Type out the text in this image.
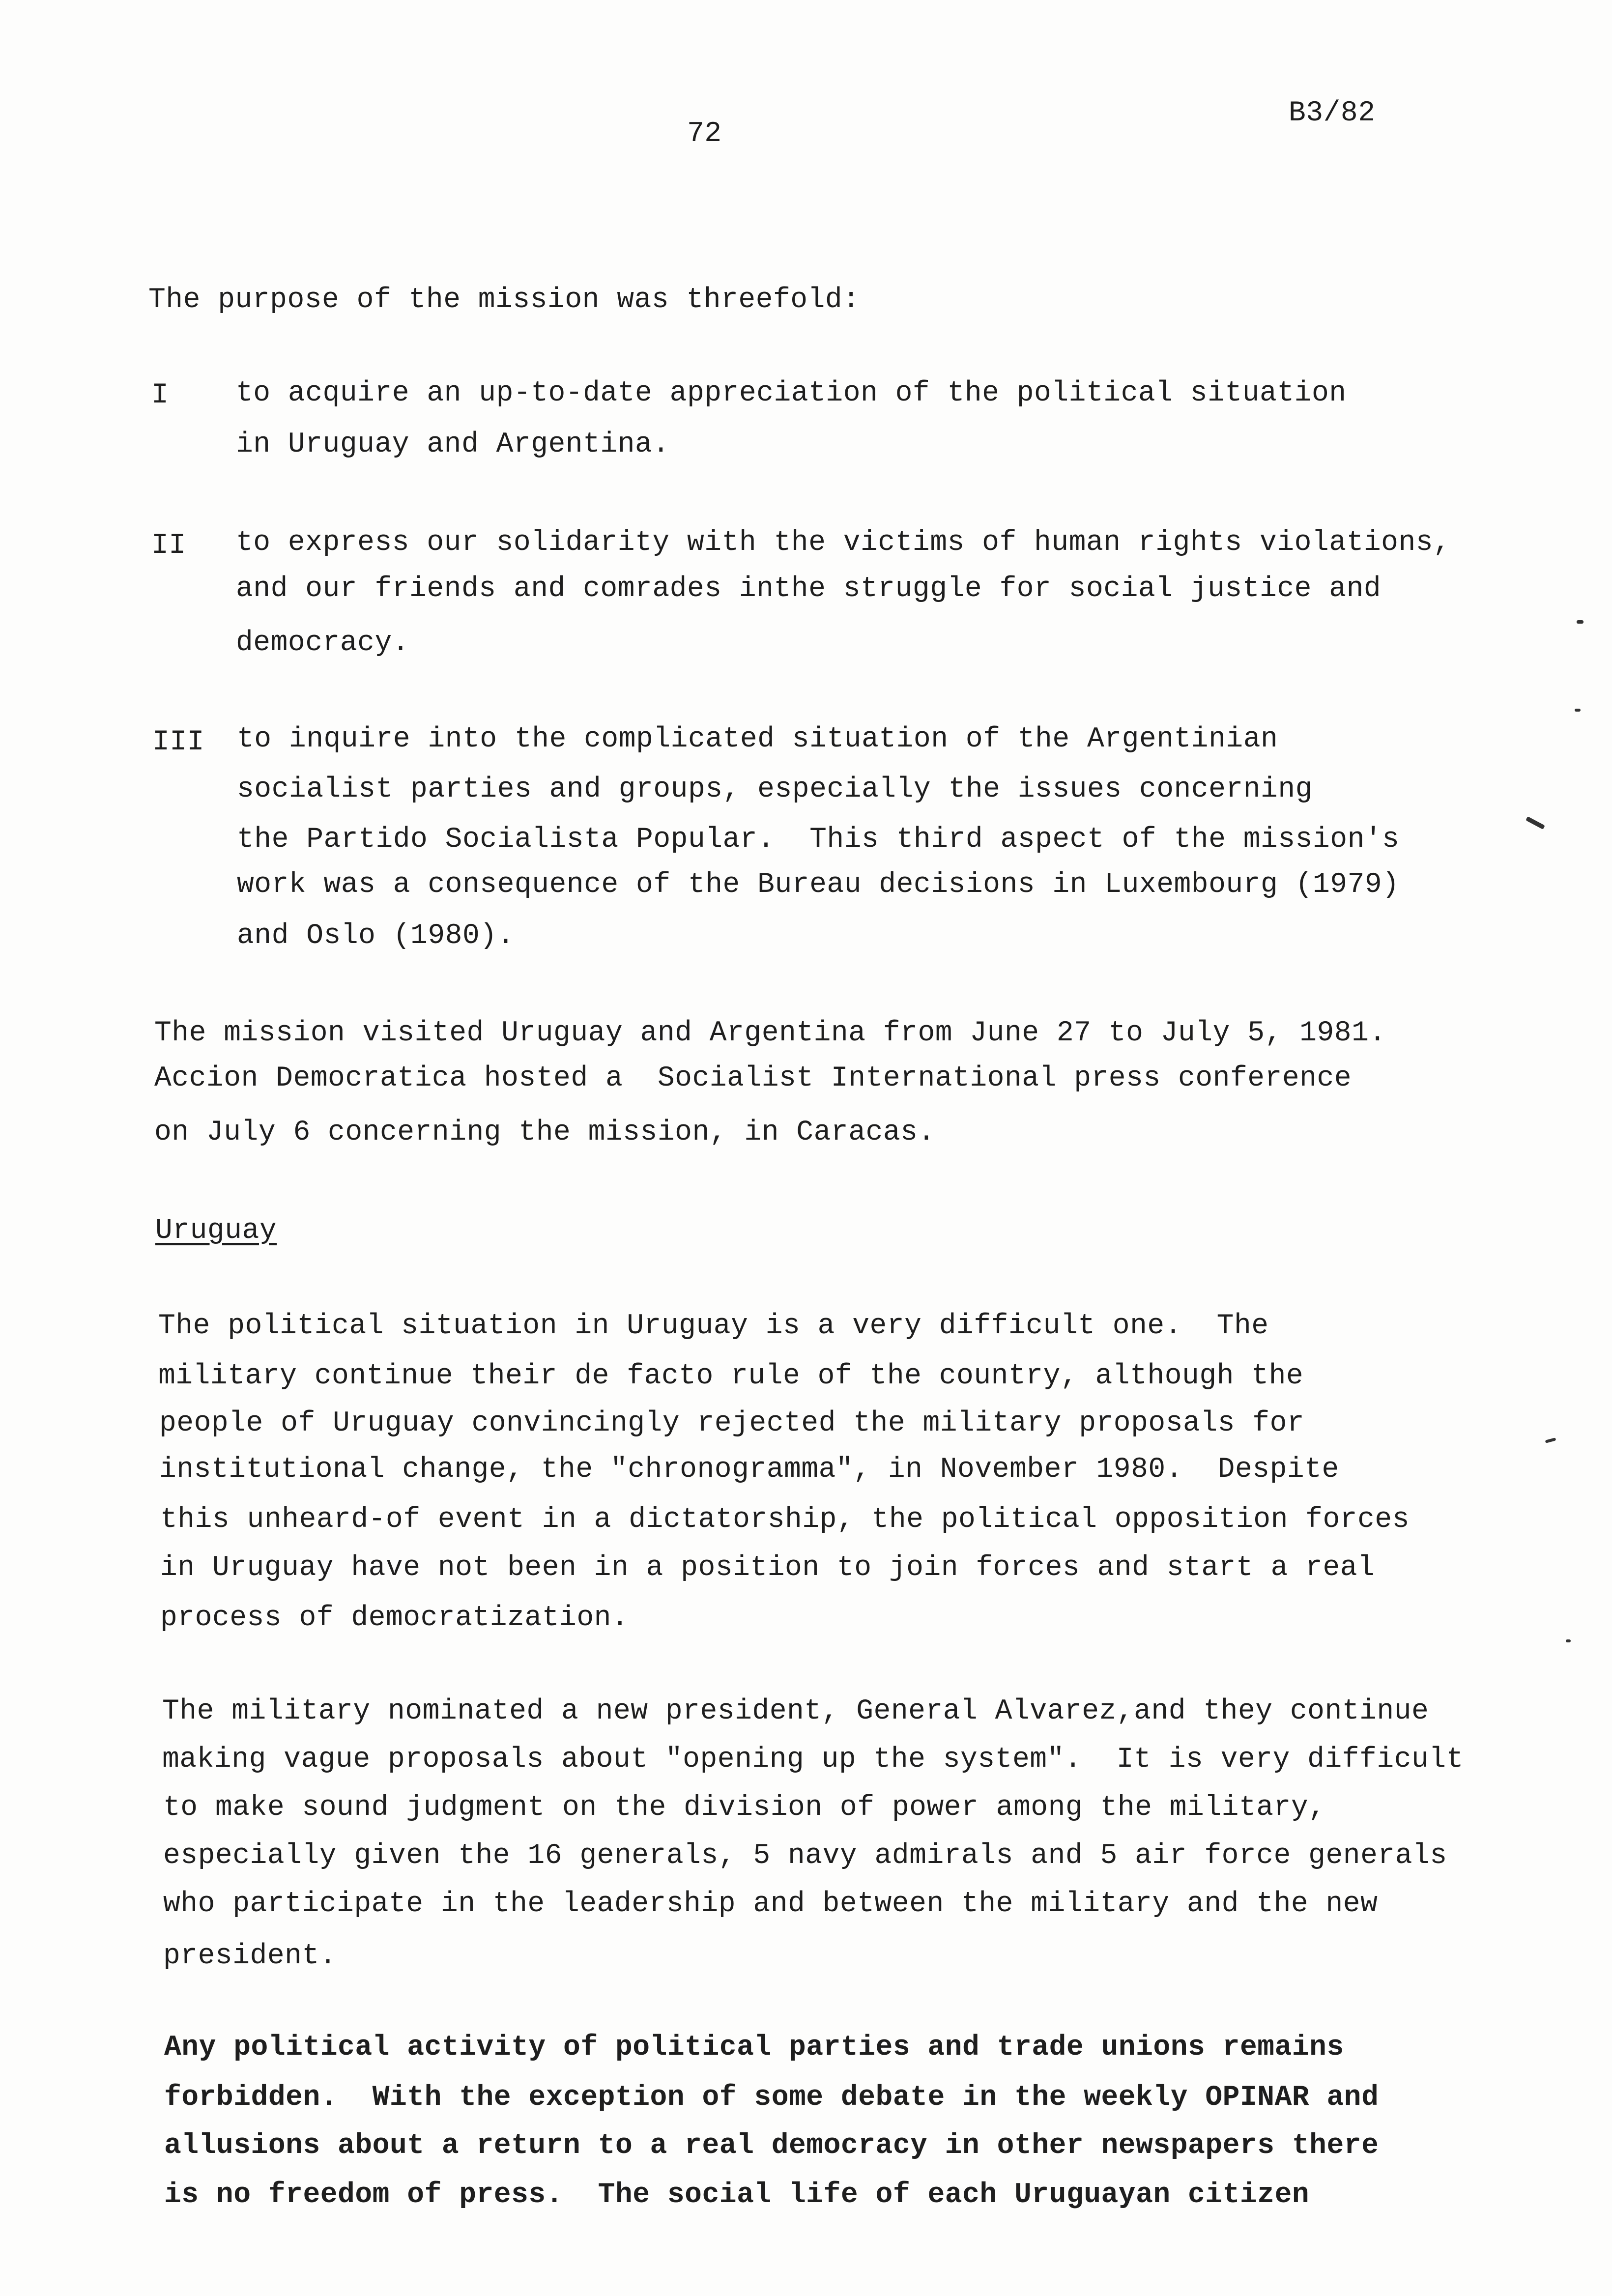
72
B3/82
The purpose of the mission was threefold:
I to acquire an up-to-date appreciation of the political situation
in Uruguay and Argentina.
II to express our solidarity with the victims of human rights violations,
and our friends and comrades inthe struggle for social justice and
democracy.
III to inquire into the complicated situation of the Argentinian
socialist parties and groups, especially the issues concerning
the Partido Socialista Popular.  This third aspect of the mission's
work was a consequence of the Bureau decisions in Luxembourg (1979)
and Oslo (1980).
The mission visited Uruguay and Argentina from June 27 to July 5, 1981.
Accion Democratica hosted a  Socialist International press conference
on July 6 concerning the mission, in Caracas.
Uruguay
The political situation in Uruguay is a very difficult one.  The
military continue their de facto rule of the country, although the
people of Uruguay convincingly rejected the military proposals for
institutional change, the "chronogramma", in November 1980.  Despite
this unheard-of event in a dictatorship, the political opposition forces
in Uruguay have not been in a position to join forces and start a real
process of democratization.
The military nominated a new president, General Alvarez,and they continue
making vague proposals about "opening up the system".  It is very difficult
to make sound judgment on the division of power among the military,
especially given the 16 generals, 5 navy admirals and 5 air force generals
who participate in the leadership and between the military and the new
president.
Any political activity of political parties and trade unions remains
forbidden.  With the exception of some debate in the weekly OPINAR and
allusions about a return to a real democracy in other newspapers there
is no freedom of press.  The social life of each Uruguayan citizen
